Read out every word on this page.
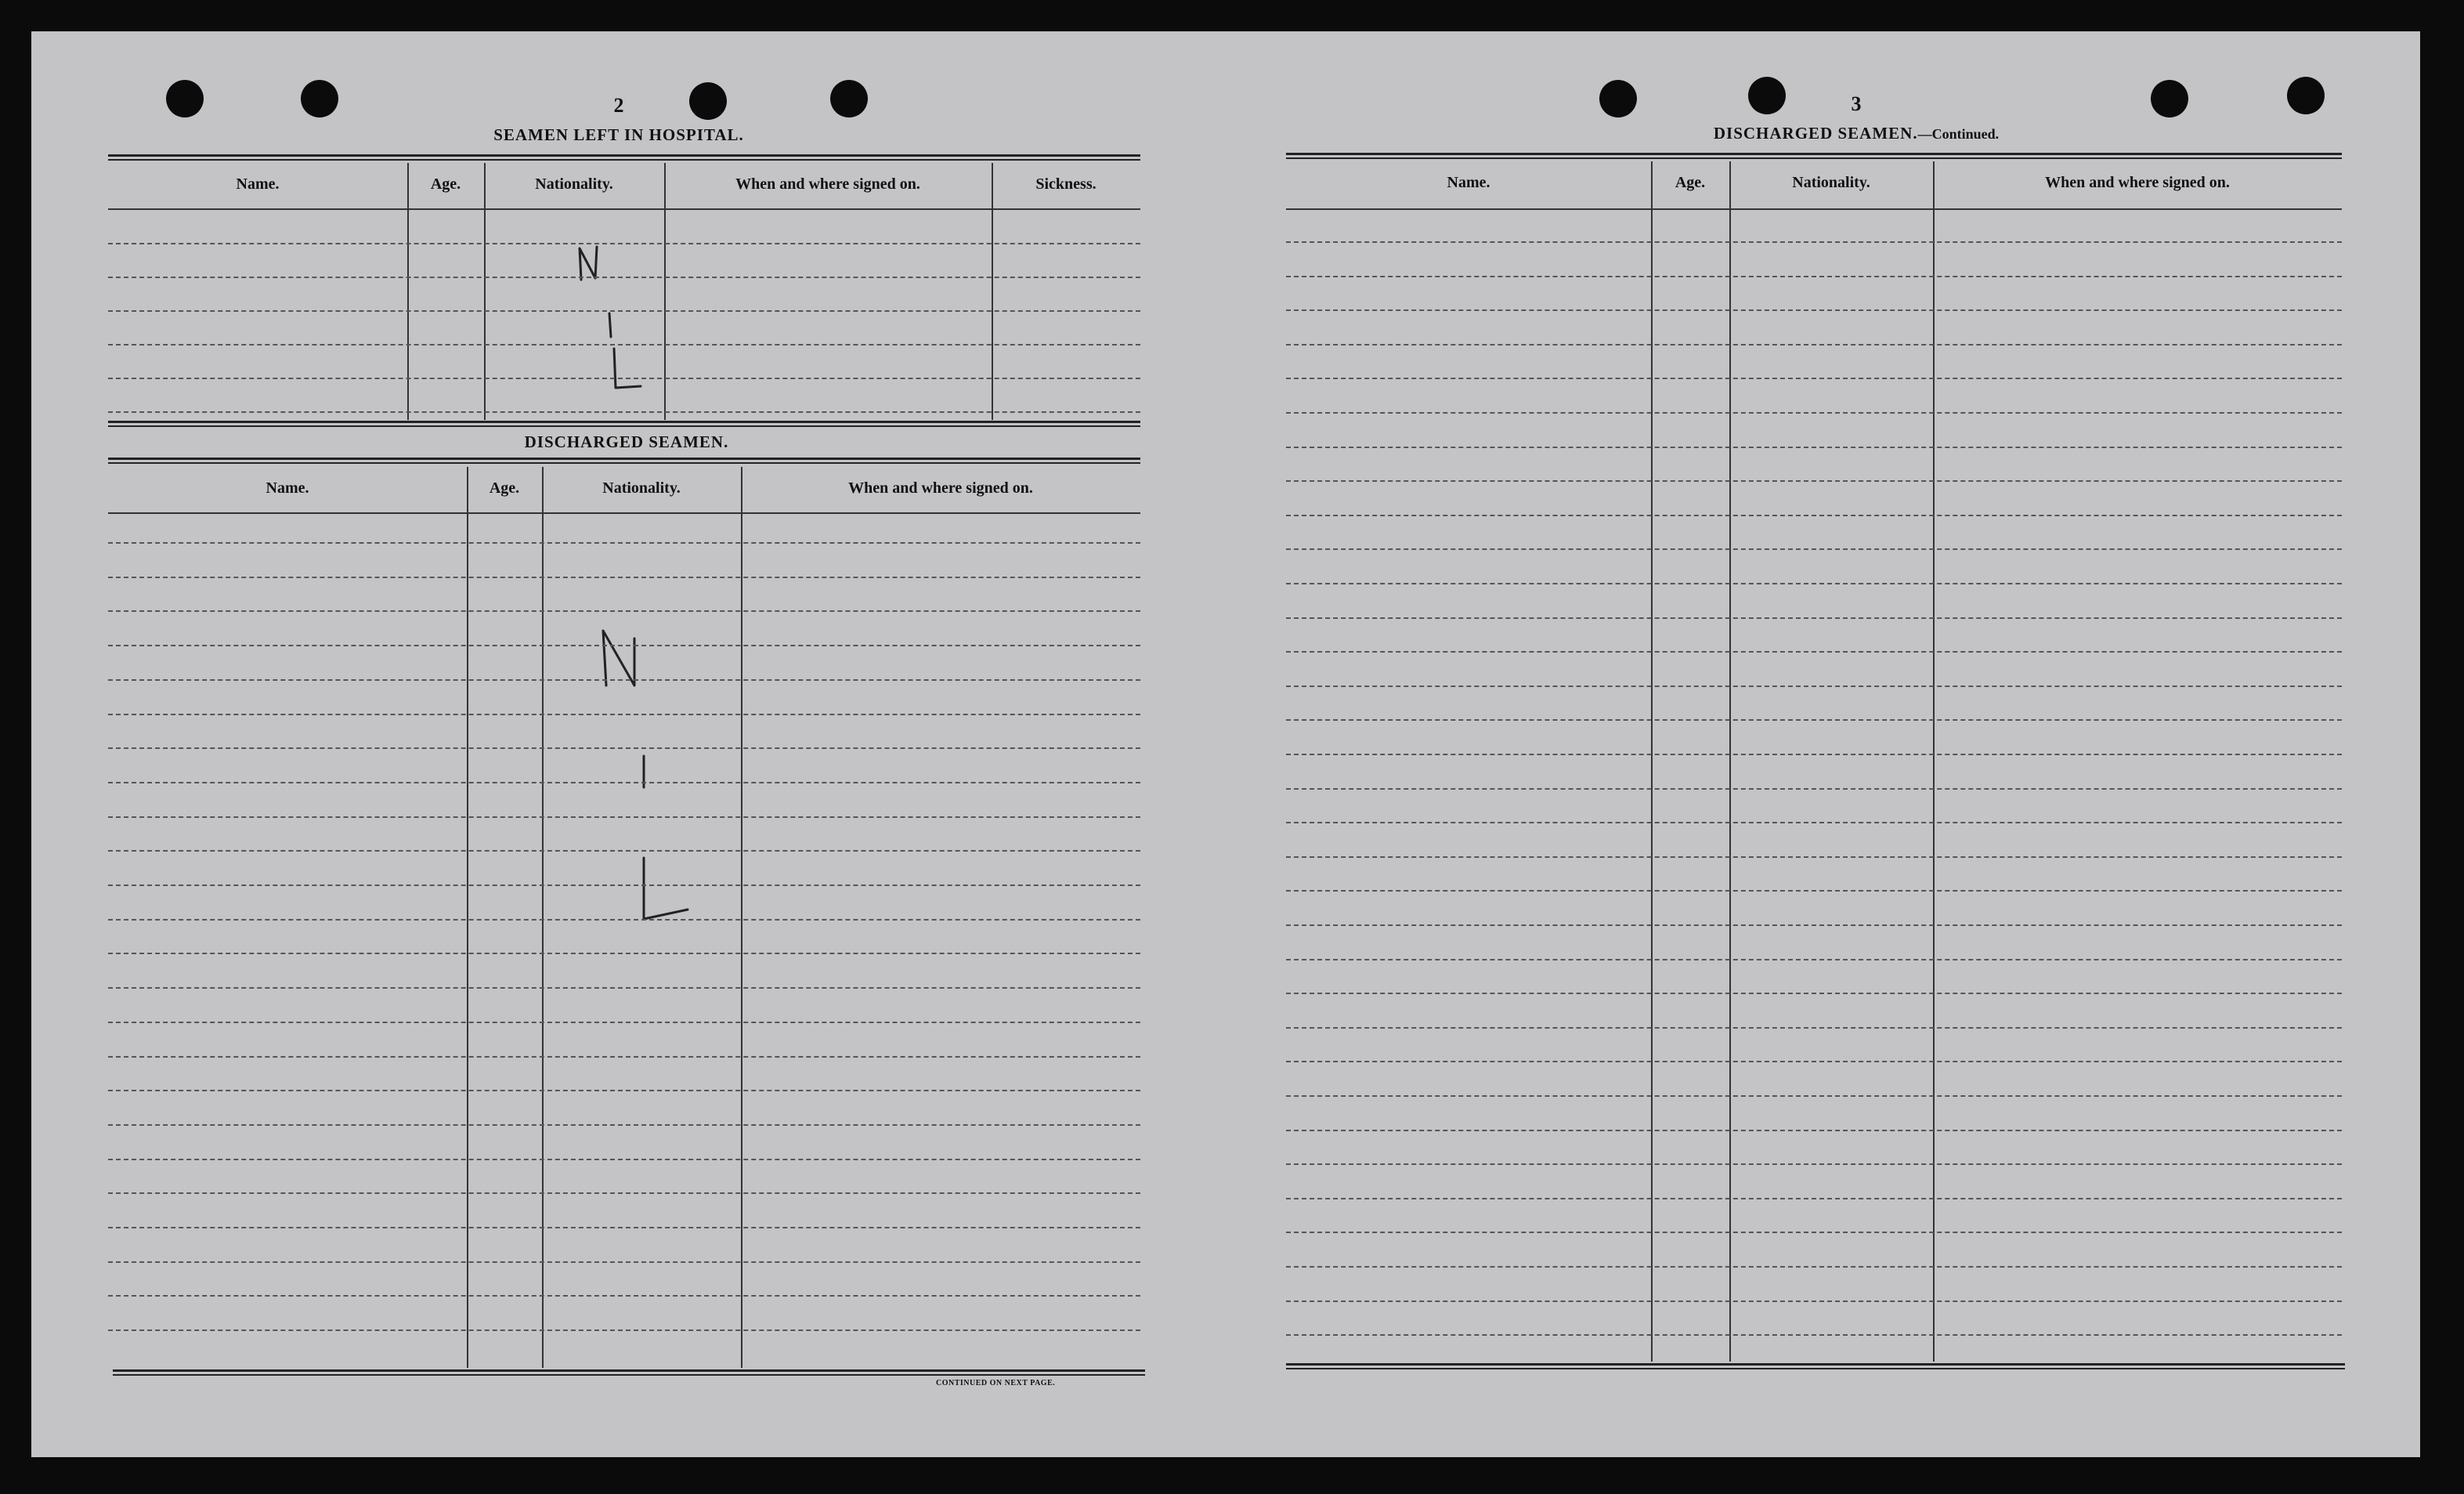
2
SEAMEN LEFT IN HOSPITAL.
DISCHARGED SEAMEN.
CONTINUED ON NEXT PAGE.
Name.	Age.	Nationality.	When and where signed on.	Sickness.
Name.	Age.	Nationality.	When and where signed on.
3
DISCHARGED SEAMEN.—Continued.
Name.	Age.	Nationality.	When and where signed on.
